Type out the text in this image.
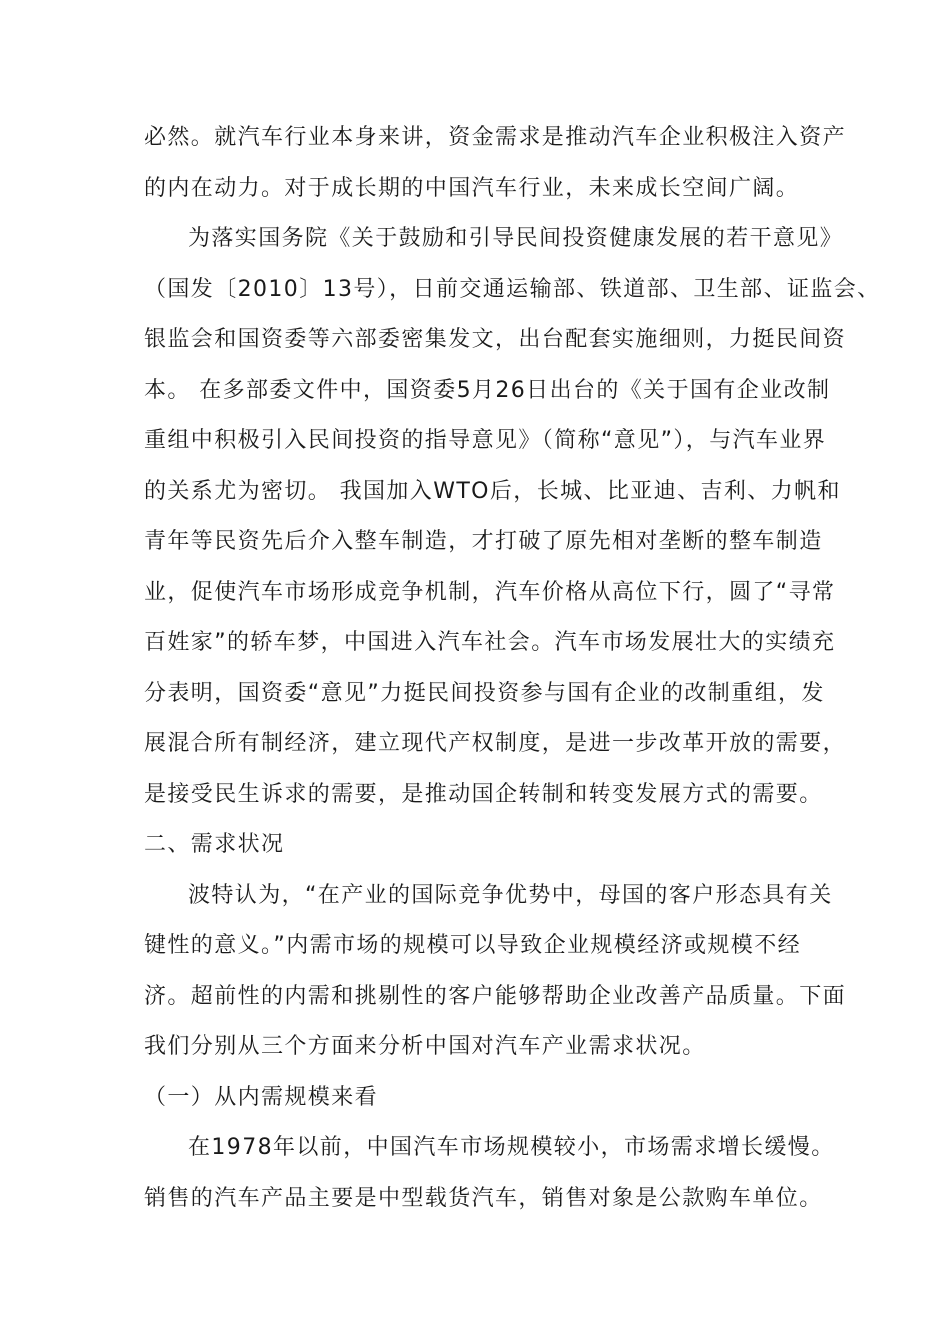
必然。就汽车行业本身来讲，资金需求是推动汽车企业积极注入资产
的内在动力。对于成长期的中国汽车行业，未来成长空间广阔。
为落实国务院《关于鼓励和引导民间投资健康发展的若干意见》
（国发〔2010〕13号），日前交通运输部、铁道部、卫生部、证监会、
银监会和国资委等六部委密集发文，出台配套实施细则，力挺民间资
本。 在多部委文件中，国资委5月26日出台的《关于国有企业改制
重组中积极引入民间投资的指导意见》（简称“意见”），与汽车业界
的关系尤为密切。 我国加入WTO后，长城、比亚迪、吉利、力帆和
青年等民资先后介入整车制造，才打破了原先相对垄断的整车制造
业，促使汽车市场形成竞争机制，汽车价格从高位下行，圆了“寻常
百姓家”的轿车梦，中国进入汽车社会。汽车市场发展壮大的实绩充
分表明，国资委“意见”力挺民间投资参与国有企业的改制重组，发
展混合所有制经济，建立现代产权制度，是进一步改革开放的需要，
是接受民生诉求的需要，是推动国企转制和转变发展方式的需要。
二、需求状况
波特认为，“在产业的国际竞争优势中，母国的客户形态具有关
键性的意义。”内需市场的规模可以导致企业规模经济或规模不经
济。超前性的内需和挑剔性的客户能够帮助企业改善产品质量。下面
我们分别从三个方面来分析中国对汽车产业需求状况。
（一）从内需规模来看
在1978年以前，中国汽车市场规模较小，市场需求增长缓慢。
销售的汽车产品主要是中型载货汽车，销售对象是公款购车单位。
